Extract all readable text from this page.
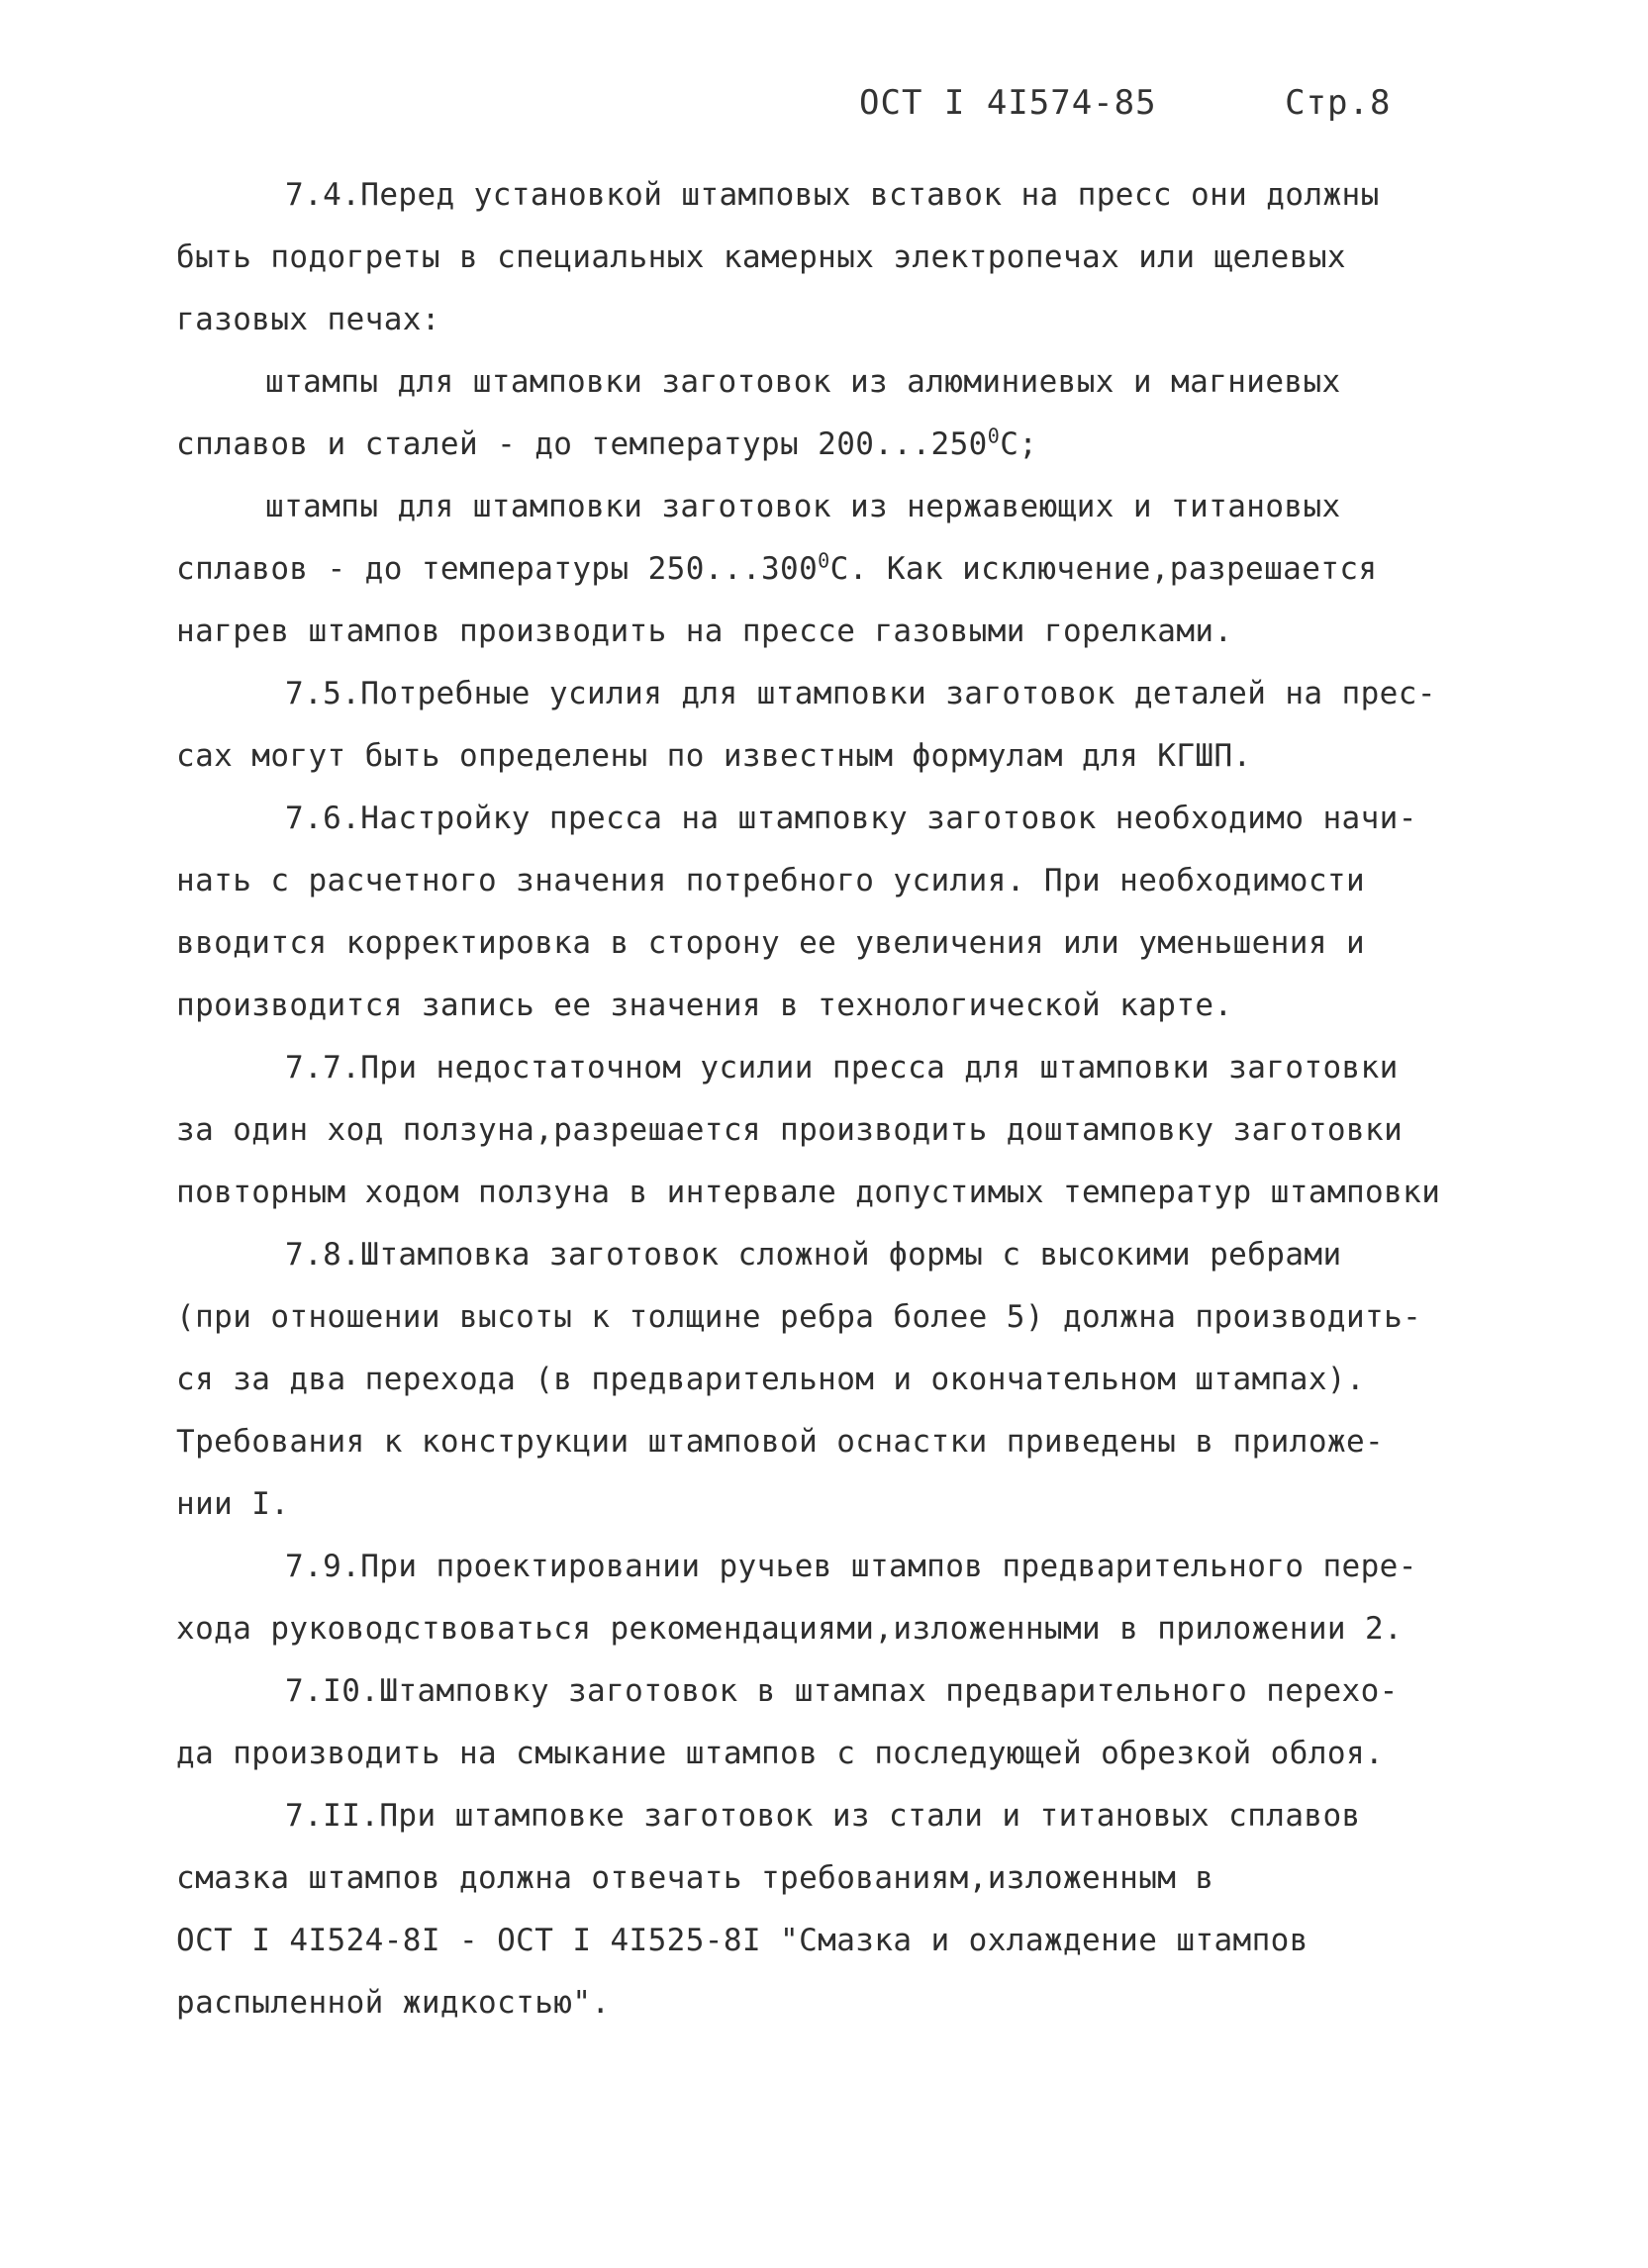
ОСТ I 4I574-85	Стр.8
7.4.Перед установкой штамповых вставок на пресс они должны
быть подогреты в специальных камерных электропечах или щелевых
газовых печах:
штампы для штамповки заготовок из алюминиевых и магниевых
сплавов и сталей - до температуры 200...250$^0$С;
штампы для штамповки заготовок из нержавеющих и титановых
сплавов - до температуры 250...300$^0$С. Как исключение,разрешается
нагрев штампов производить на прессе газовыми горелками.
7.5.Потребные усилия для штамповки заготовок деталей на прес-
сах могут быть определены по известным формулам для КГШП.
7.6.Настройку пресса на штамповку заготовок необходимо начи-
нать с расчетного значения потребного усилия. При необходимости
вводится корректировка в сторону ее увеличения или уменьшения и
производится запись ее значения в технологической карте.
7.7.При недостаточном усилии пресса для штамповки заготовки
за один ход ползуна,разрешается производить доштамповку заготовки
повторным ходом ползуна в интервале допустимых температур штамповки
7.8.Штамповка заготовок сложной формы с высокими ребрами
(при отношении высоты к толщине ребра более 5) должна производить-
ся за два перехода (в предварительном и окончательном штампах).
Требования к конструкции штамповой оснастки приведены в приложе-
нии I.
7.9.При проектировании ручьев штампов предварительного пере-
хода руководствоваться рекомендациями,изложенными в приложении 2.
7.I0.Штамповку заготовок в штампах предварительного перехо-
да производить на смыкание штампов с последующей обрезкой облоя.
7.II.При штамповке заготовок из стали и титановых сплавов
смазка штампов должна отвечать требованиям,изложенным в
ОСТ I 4I524-8I - ОСТ I 4I525-8I "Смазка и охлаждение штампов
распыленной жидкостью".
